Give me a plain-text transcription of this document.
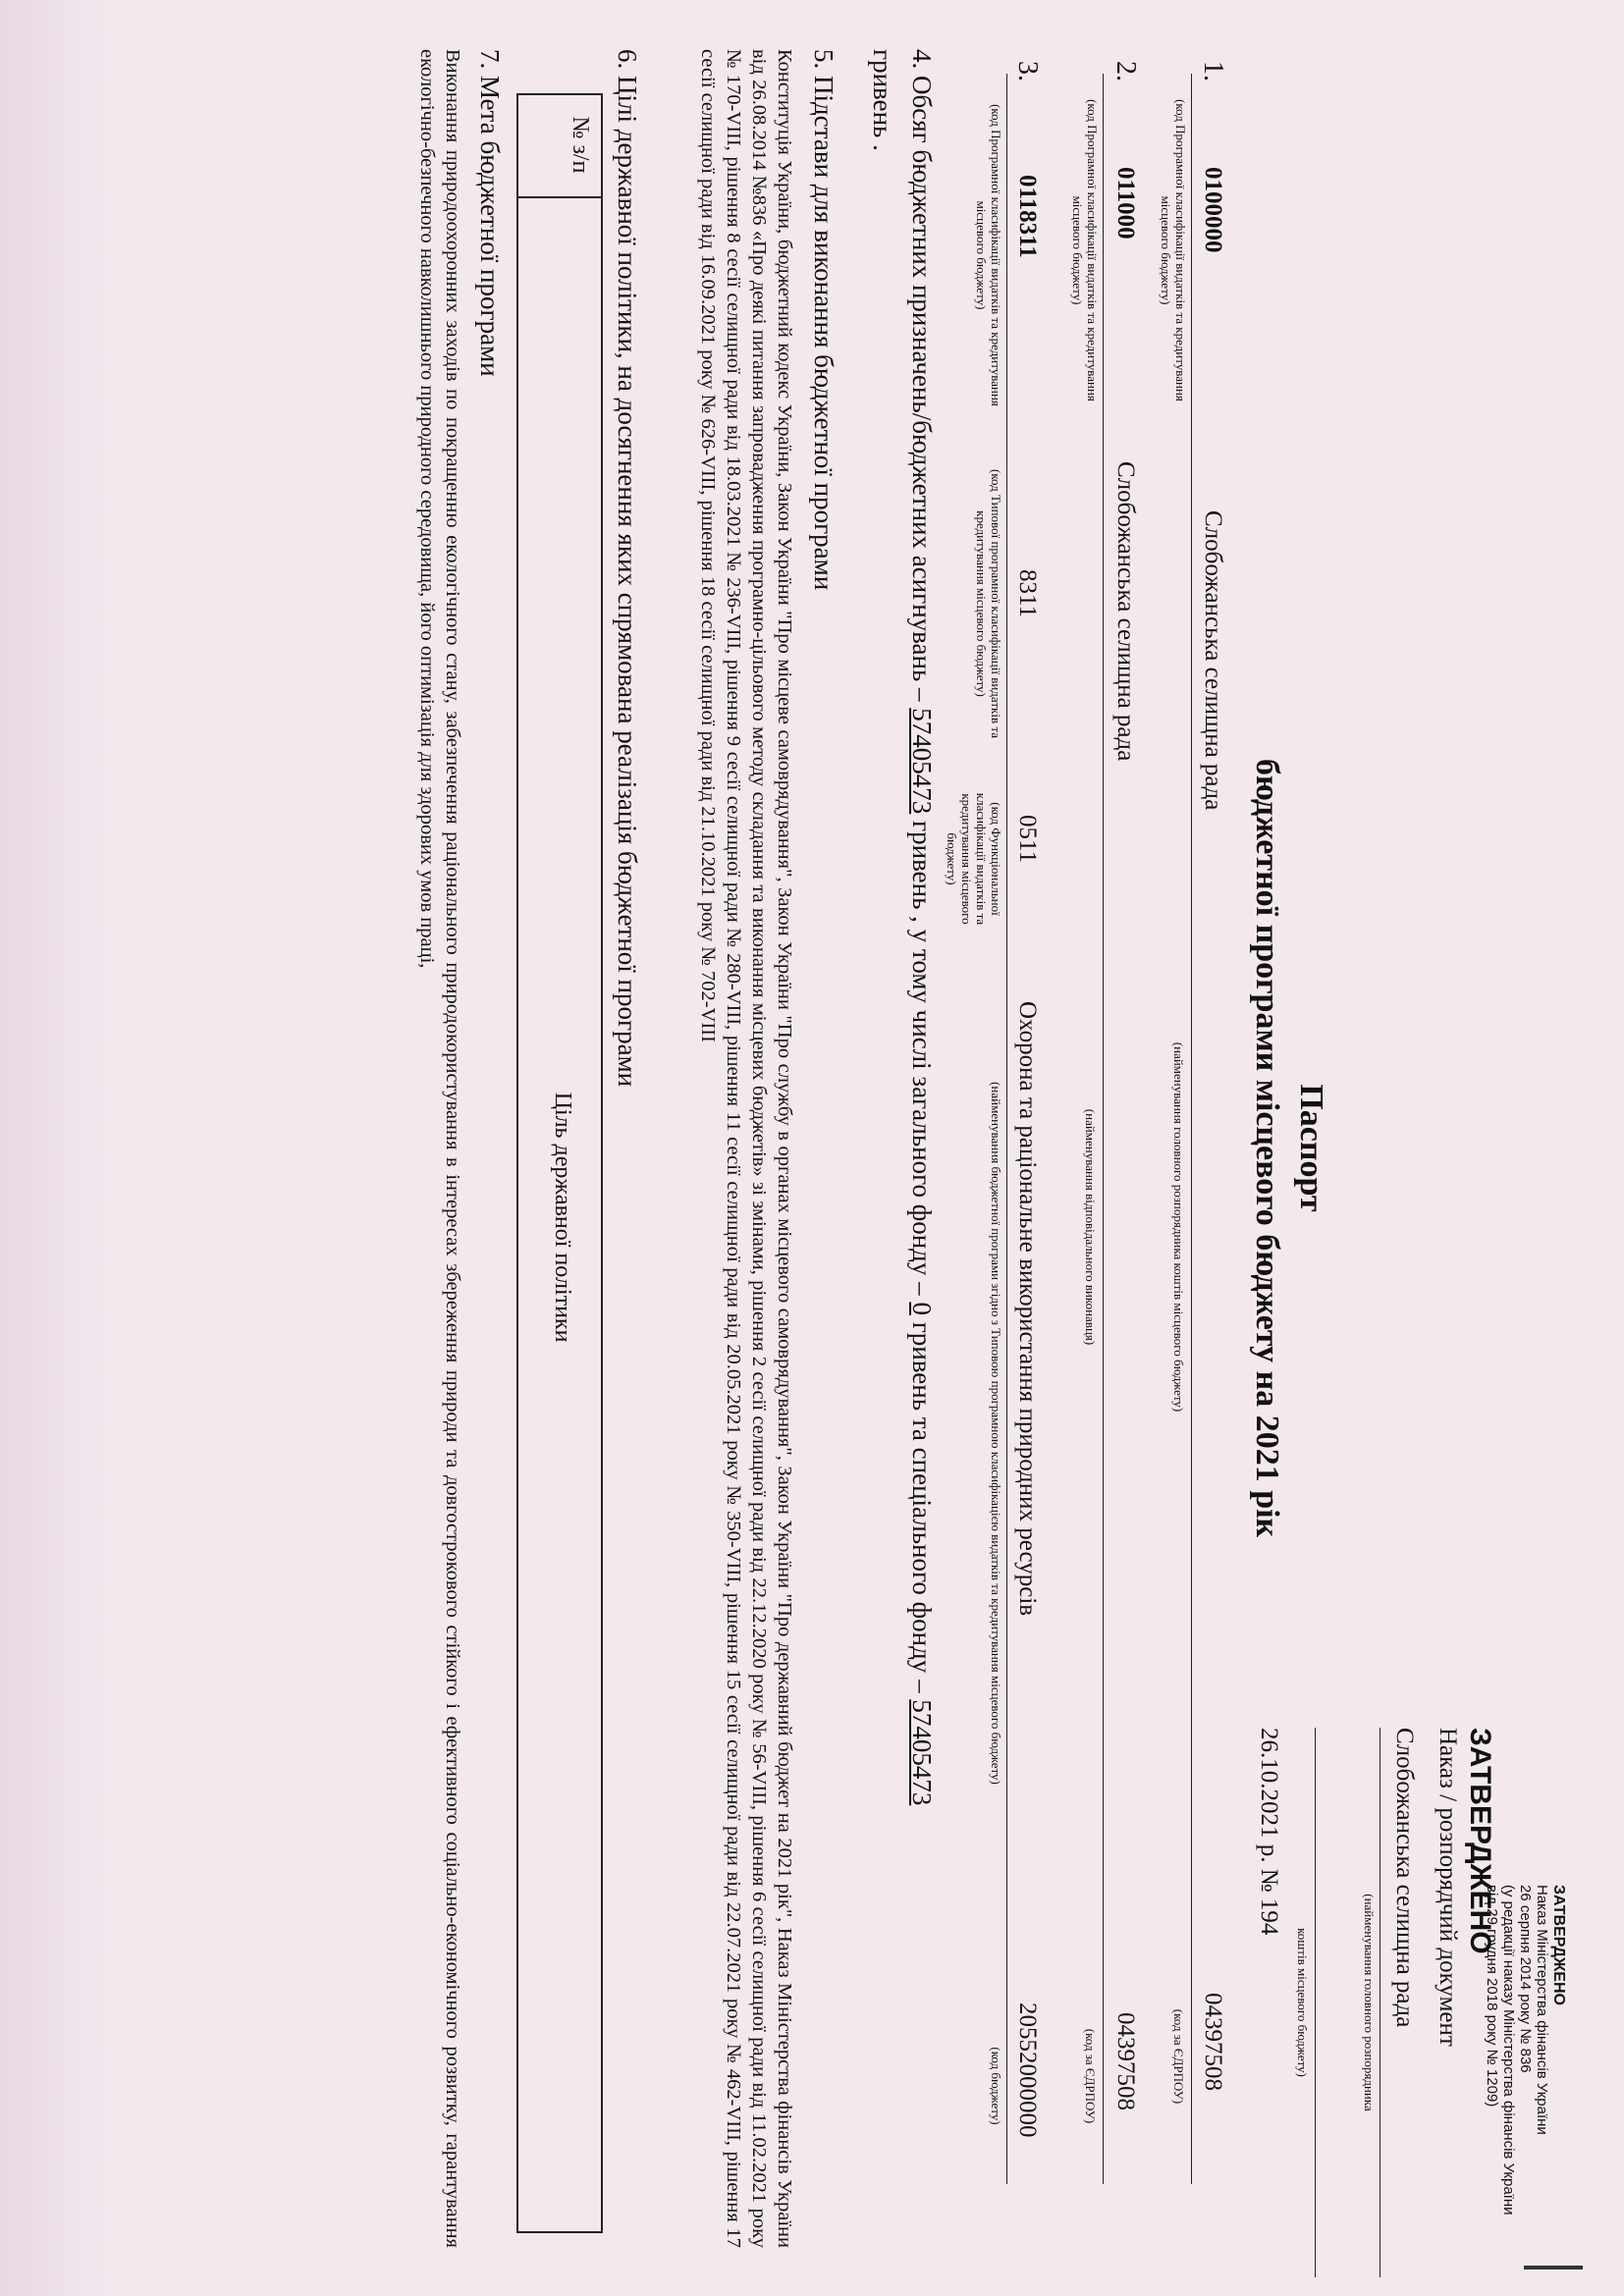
ЗАТВЕРДЖЕНО
Наказ Міністерства фінансів України
26 серпня 2014 року № 836
(у редакції наказу Міністерства фінансів України
від 29 грудня 2018 року № 1209)
ЗАТВЕРДЖЕНО
Наказ / розпорядчий документ
Слобожанська селищна рада
(найменування головного розпорядника
коштів місцевого бюджету)
26.10.2021 р. № 194
Паспорт
бюджетної програми місцевого бюджету на 2021 рік
1.
0100000
Слобожанська селищна рада
04397508
(код Програмної класифікації видатків та кредитування місцевого бюджету)
(найменування головного розпорядника коштів місцевого бюджету)
(код за ЄДРПОУ)
2.
011000
Слобожанська селищна рада
04397508
(код Програмної класифікації видатків та кредитування місцевого бюджету)
(найменування відповідального виконавця)
(код за ЄДРПОУ)
3.
0118311
8311
0511
Охорона та раціональне використання природних ресурсів
20552000000
(код Програмної класифікації видатків та кредитування місцевого бюджету)
(код Типової програмної класифікації видатків та кредитування місцевого бюджету)
(код Функціональної класифікації видатків та кредитування місцевого бюджету)
(найменування бюджетної програми згідно з Типовою програмною класифікацією видатків та кредитування місцевого бюджету)
(код бюджету)
4. Обсяг бюджетних призначень/бюджетних асигнувань – 57405473 гривень , у тому числі загального фонду – 0 гривень та спеціального фонду – 57405473
гривень .
5. Підстави для виконання бюджетної програми
Конституція України, бюджетний кодекс України, Закон України "Про місцеве самоврядування", Закон України "Про службу в органах місцевого самоврядування", Закон України "Про державний бюджет на 2021 рік", Наказ Міністерства фінансів України від 26.08.2014 №836 «Про деякі питання запровадження програмно-цільового методу складання та виконання місцевих бюджетів» зі змінами, рішення 2 сесії селищної ради від 22.12.2020 року № 56-VIII, рішення 6 сесії селищної ради від 11.02.2021 року № 170-VIII, рішення 8 сесії селищної ради від 18.03.2021 № 236-VIII, рішення 9 сесії селищної ради № 280-VIII, рішення 11 сесії селищної ради від 20.05.2021 року № 350-VIII, рішення 15 сесії селищної ради від 22.07.2021 року № 462-VIII, рішення 17 сесії селищної ради від 16.09.2021 року № 626-VIII, рішення 18 сесії селищної ради від 21.10.2021 року № 702-VIII
6. Цілі державної політики, на досягнення яких спрямована реалізація бюджетної програми
№ з/п
Ціль державної політики
7. Мета бюджетної програми
Виконання природоохоронних заходів по покращенню екологічного стану, забезпечення раціонального природокористування в інтересах збереження природи та довгострокового стійкого і ефективного соціально-економічного розвитку, гарантування екологічно-безпечного навколишнього природного середовища, його оптимізація для здорових умов праці,
